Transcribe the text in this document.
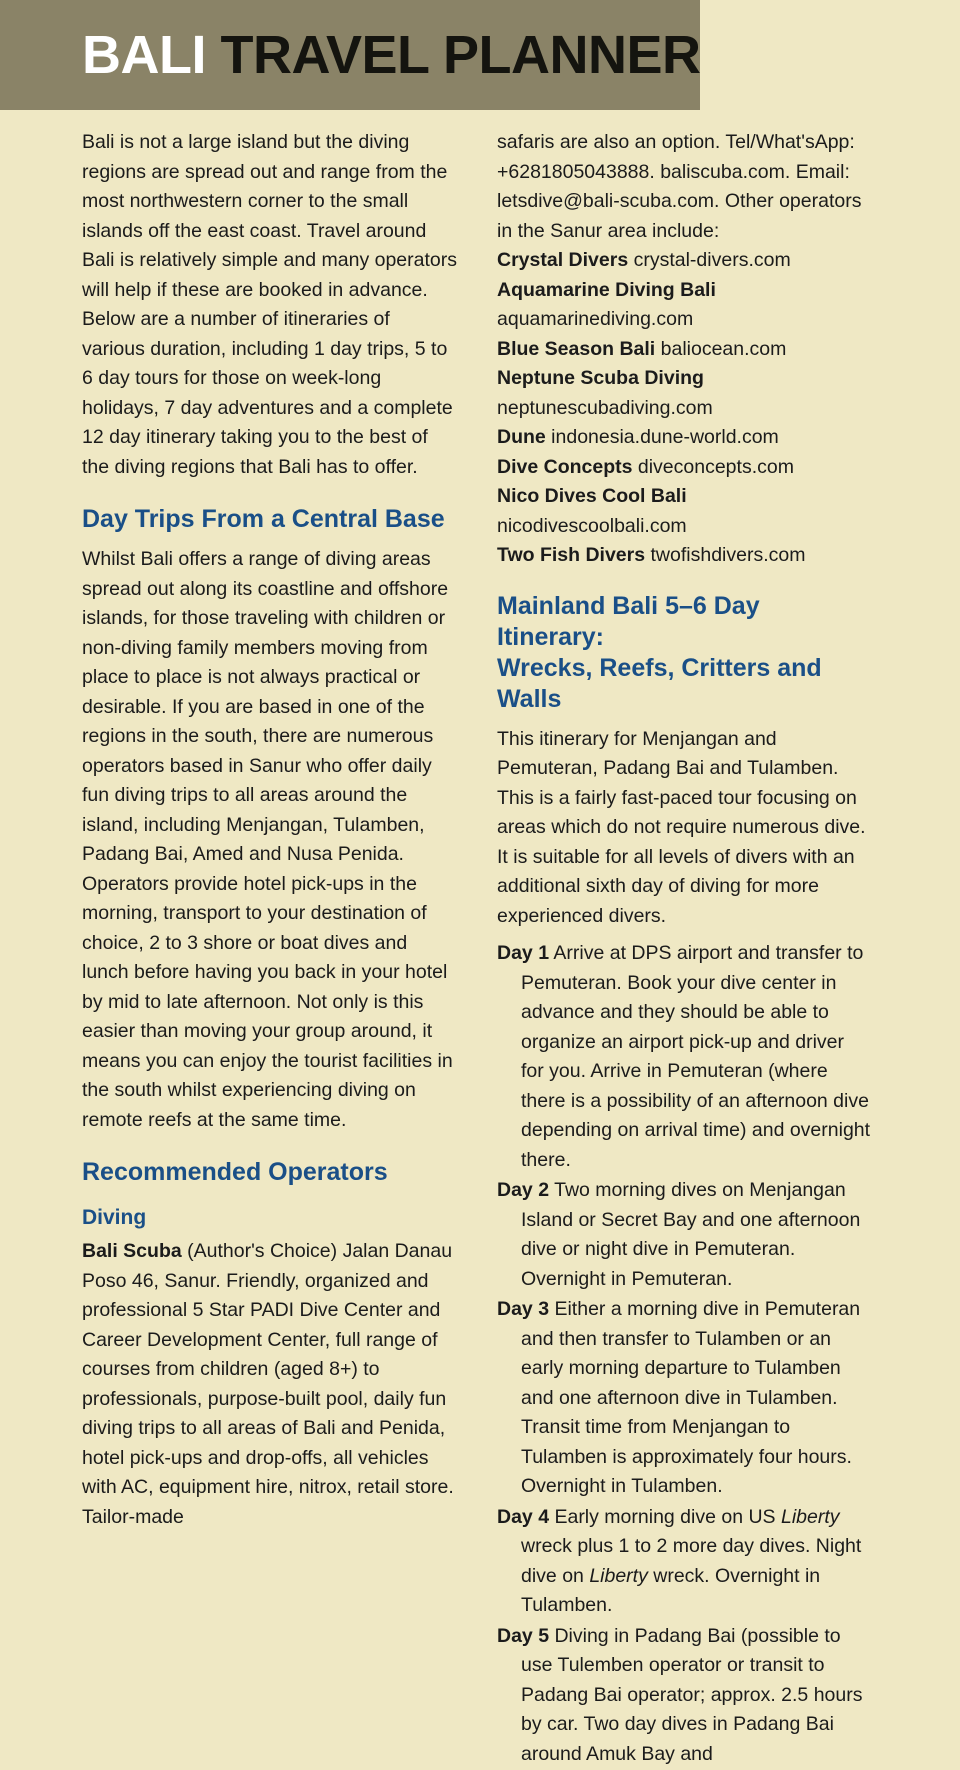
BALI TRAVEL PLANNER

Bali is not a large island but the diving regions are spread out and range from the most northwestern corner to the small islands off the east coast. Travel around Bali is relatively simple and many operators will help if these are booked in advance. Below are a number of itineraries of various duration, including 1 day trips, 5 to 6 day tours for those on week-long holidays, 7 day adventures and a complete 12 day itinerary taking you to the best of the diving regions that Bali has to offer.

Day Trips From a Central Base

Whilst Bali offers a range of diving areas spread out along its coastline and offshore islands, for those traveling with children or non-diving family members moving from place to place is not always practical or desirable. If you are based in one of the regions in the south, there are numerous operators based in Sanur who offer daily fun diving trips to all areas around the island, including Menjangan, Tulamben, Padang Bai, Amed and Nusa Penida. Operators provide hotel pick-ups in the morning, transport to your destination of choice, 2 to 3 shore or boat dives and lunch before having you back in your hotel by mid to late afternoon. Not only is this easier than moving your group around, it means you can enjoy the tourist facilities in the south whilst experiencing diving on remote reefs at the same time.

Recommended Operators
Diving

Bali Scuba (Author's Choice) Jalan Danau Poso 46, Sanur. Friendly, organized and professional 5 Star PADI Dive Center and Career Development Center, full range of courses from children (aged 8+) to professionals, purpose-built pool, daily fun diving trips to all areas of Bali and Penida, hotel pick-ups and drop-offs, all vehicles with AC, equipment hire, nitrox, retail store. Tailor-made

safaris are also an option. Tel/What'sApp: +6281805043888. baliscuba.com. Email: letsdive@bali-scuba.com. Other operators in the Sanur area include:

Crystal Divers crystal-divers.com
Aquamarine Diving Bali aquamarinediving.com
Blue Season Bali baliocean.com
Neptune Scuba Diving neptunescubadiving.com
Dune indonesia.dune-world.com
Dive Concepts diveconcepts.com
Nico Dives Cool Bali nicodivescoolbali.com
Two Fish Divers twofishdivers.com
Mainland Bali 5–6 Day Itinerary:
Wrecks, Reefs, Critters and Walls

This itinerary for Menjangan and Pemuteran, Padang Bai and Tulamben. This is a fairly fast-paced tour focusing on areas which do not require numerous dive. It is suitable for all levels of divers with an additional sixth day of diving for more experienced divers.

Day 1 Arrive at DPS airport and transfer to Pemuteran. Book your dive center in advance and they should be able to organize an airport pick-up and driver for you. Arrive in Pemuteran (where there is a possibility of an afternoon dive depending on arrival time) and overnight there.
Day 2 Two morning dives on Menjangan Island or Secret Bay and one afternoon dive or night dive in Pemuteran. Overnight in Pemuteran.
Day 3 Either a morning dive in Pemuteran and then transfer to Tulamben or an early morning departure to Tulamben and one afternoon dive in Tulamben. Transit time from Menjangan to Tulamben is approximately four hours. Overnight in Tulamben.
Day 4 Early morning dive on US Liberty wreck plus 1 to 2 more day dives. Night dive on Liberty wreck. Overnight in Tulamben.
Day 5 Diving in Padang Bai (possible to use Tulemben operator or transit to Padang Bai operator; approx. 2.5 hours by car. Two day dives in Padang Bai around Amuk Bay and
